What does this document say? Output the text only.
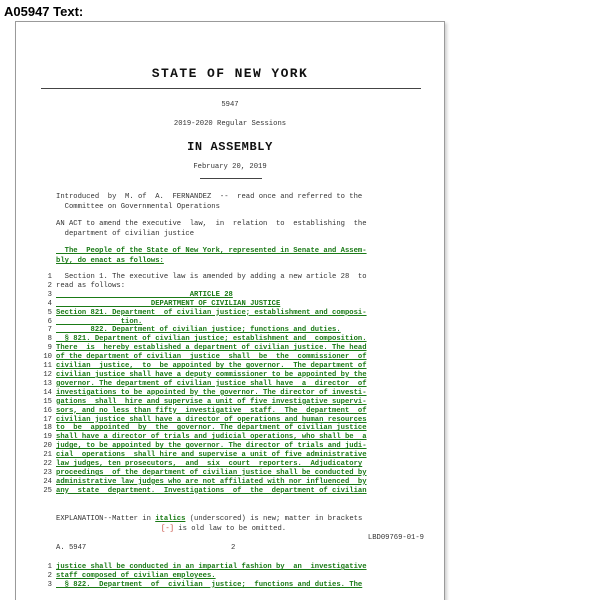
A05947 Text:
STATE OF NEW YORK
5947
2019-2020 Regular Sessions
IN ASSEMBLY
February 20, 2019
Introduced  by  M. of  A.  FERNANDEZ  --  read once and referred to the
Committee on Governmental Operations
AN ACT to amend the executive  law,  in  relation  to  establishing  the
department of civilian justice
The  People of the State of New York, represented in Senate and Assem-
bly, do enact as follows:
1  Section 1. The executive law is amended by adding a new article 28  to
2 read as follows:
3                               ARTICLE 28
4                      DEPARTMENT OF CIVILIAN JUSTICE
5 Section 821. Department  of civilian justice; establishment and composi-
6               tion.
7        822. Department of civilian justice; functions and duties.
8  § 821. Department of civilian justice; establishment and  composition.
9 There  is  hereby established a department of civilian justice. The head
10 of the department of civilian  justice  shall  be  the  commissioner  of
11 civilian  justice,  to  be appointed by the governor.  The department of
12 civilian justice shall have a deputy commissioner to be appointed by the
13 governor. The department of civilian justice shall have  a  director  of
14 investigations to be appointed by the governor. The director of investi-
15 gations  shall  hire and supervise a unit of five investigative supervi-
16 sors, and no less than fifty  investigative  staff.  The  department  of
17 civilian justice shall have a director of operations and human resources
18 to  be  appointed  by  the  governor. The department of civilian justice
19 shall have a director of trials and judicial operations, who shall be  a
20 judge, to be appointed by the governor. The director of trials and judi-
21 cial  operations  shall hire and supervise a unit of five administrative
22 law judges, ten prosecutors,  and  six  court  reporters.  Adjudicatory
23 proceedings  of the department of civilian justice shall be conducted by
24 administrative law judges who are not affiliated with nor influenced  by
25 any  state  department.  Investigations  of  the  department of civilian
EXPLANATION--Matter in italics (underscored) is new; matter in brackets
[-] is old law to be omitted.
LBD09769-01-9
A. 5947	2
1 justice shall be conducted in an impartial fashion by  an  investigative
2 staff composed of civilian employees.
3  § 822.  Department  of  civilian  justice;  functions and duties. The
